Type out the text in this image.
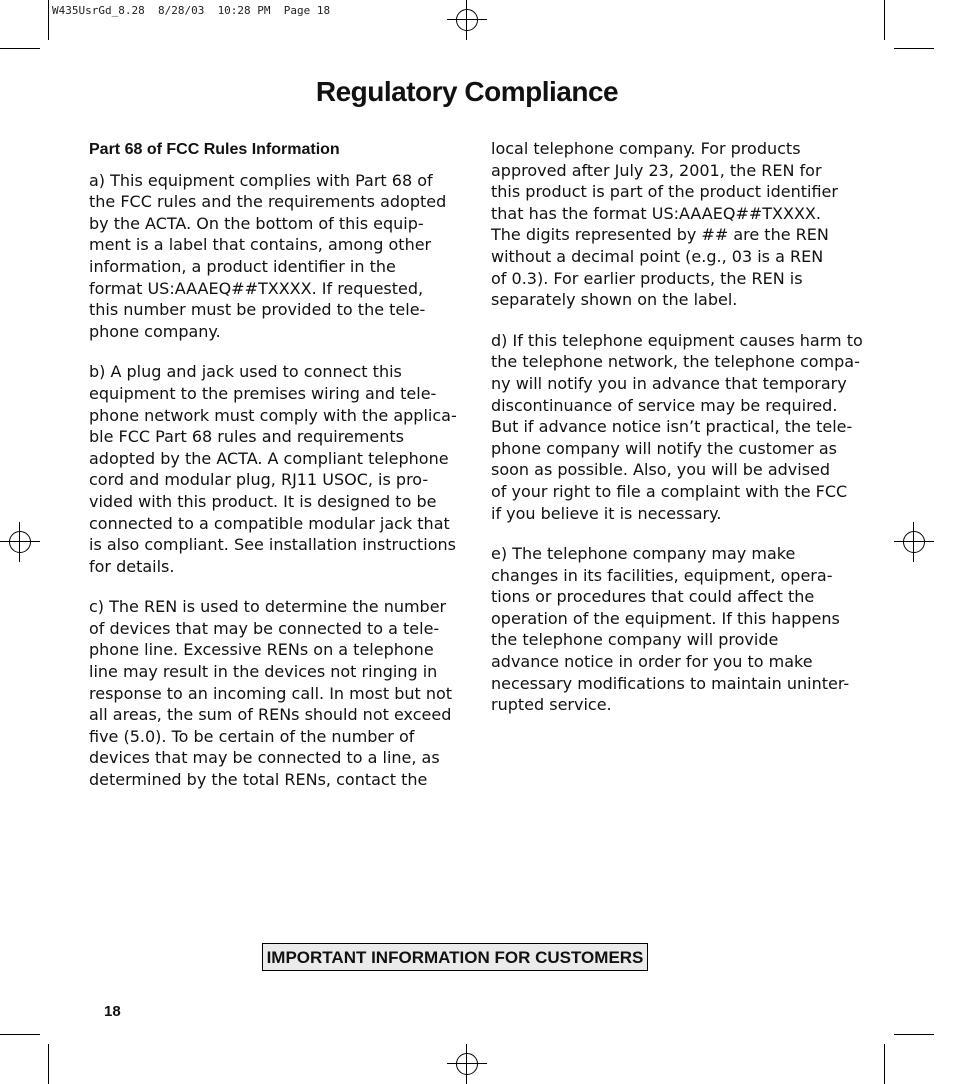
W435UsrGd_8.28  8/28/03  10:28 PM  Page 18
Regulatory Compliance
Part 68 of FCC Rules Information

a) This equipment complies with Part 68 of
the FCC rules and the requirements adopted
by the ACTA. On the bottom of this equip-
ment is a label that contains, among other
information, a product identifier in the
format US:AAAEQ##TXXXX. If requested,
this number must be provided to the tele-
phone company.

b) A plug and jack used to connect this
equipment to the premises wiring and tele-
phone network must comply with the applica-
ble FCC Part 68 rules and requirements
adopted by the ACTA. A compliant telephone
cord and modular plug, RJ11 USOC, is pro-
vided with this product. It is designed to be
connected to a compatible modular jack that
is also compliant. See installation instructions
for details.

c) The REN is used to determine the number
of devices that may be connected to a tele-
phone line. Excessive RENs on a telephone
line may result in the devices not ringing in
response to an incoming call. In most but not
all areas, the sum of RENs should not exceed
five (5.0). To be certain of the number of
devices that may be connected to a line, as
determined by the total RENs, contact the

local telephone company. For products
approved after July 23, 2001, the REN for
this product is part of the product identifier
that has the format US:AAAEQ##TXXXX.
The digits represented by ## are the REN
without a decimal point (e.g., 03 is a REN
of 0.3). For earlier products, the REN is
separately shown on the label.

d) If this telephone equipment causes harm to
the telephone network, the telephone compa-
ny will notify you in advance that temporary
discontinuance of service may be required.
But if advance notice isn’t practical, the tele-
phone company will notify the customer as
soon as possible. Also, you will be advised
of your right to file a complaint with the FCC
if you believe it is necessary.

e) The telephone company may make
changes in its facilities, equipment, opera-
tions or procedures that could affect the
operation of the equipment. If this happens
the telephone company will provide
advance notice in order for you to make
necessary modifications to maintain uninter-
rupted service.

IMPORTANT INFORMATION FOR CUSTOMERS
18
